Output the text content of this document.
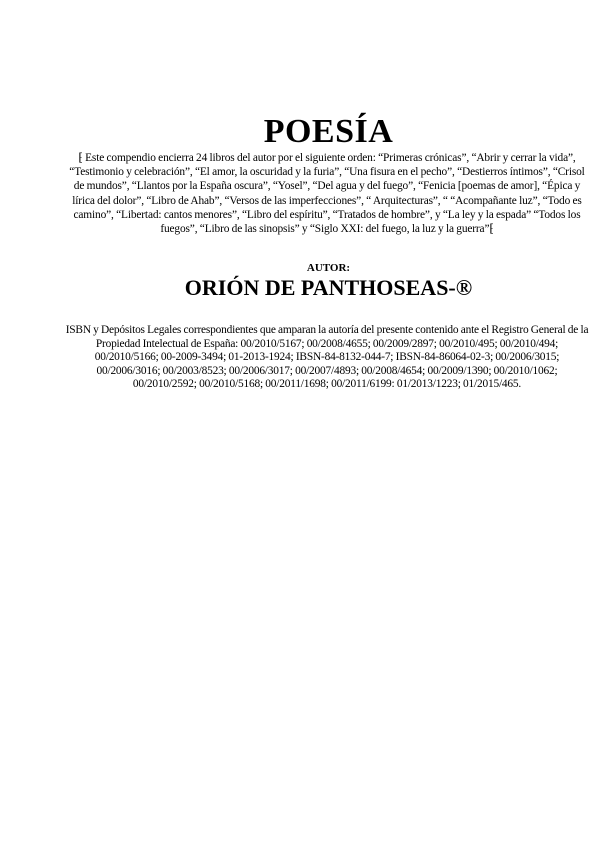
POESÍA
⁅ Este compendio encierra 24 libros del autor por el siguiente orden: “Primeras crónicas”, “Abrir y cerrar la vida”, “Testimonio y celebración”, “El amor, la oscuridad y la furia”, “Una fisura en el pecho”, “Destierros íntimos”, “Crisol de mundos”, “Llantos por la España oscura”, “Yosel”, “Del agua y del fuego”, “Fenicia [poemas de amor], “Épica y lírica del dolor”, “Libro de Ahab”, “Versos de las imperfecciones”, “ Arquitecturas”, “ “Acompañante luz”, “Todo es camino”, “Libertad: cantos menores”, “Libro del espíritu”, “Tratados de hombre”, y “La ley y la espada” “Todos los fuegos”, “Libro de las sinopsis” y “Siglo XXI: del fuego, la luz y la guerra”⁅
AUTOR:
ORIÓN DE PANTHOSEAS-®
ISBN y Depósitos Legales correspondientes que amparan la autoría del presente contenido ante el Registro General de la Propiedad Intelectual de España: 00/2010/5167; 00/2008/4655; 00/2009/2897; 00/2010/495; 00/2010/494; 00/2010/5166; 00-2009-3494; 01-2013-1924; IBSN-84-8132-044-7; IBSN-84-86064-02-3; 00/2006/3015; 00/2006/3016; 00/2003/8523; 00/2006/3017; 00/2007/4893; 00/2008/4654; 00/2009/1390; 00/2010/1062; 00/2010/2592; 00/2010/5168; 00/2011/1698; 00/2011/6199: 01/2013/1223; 01/2015/465.
